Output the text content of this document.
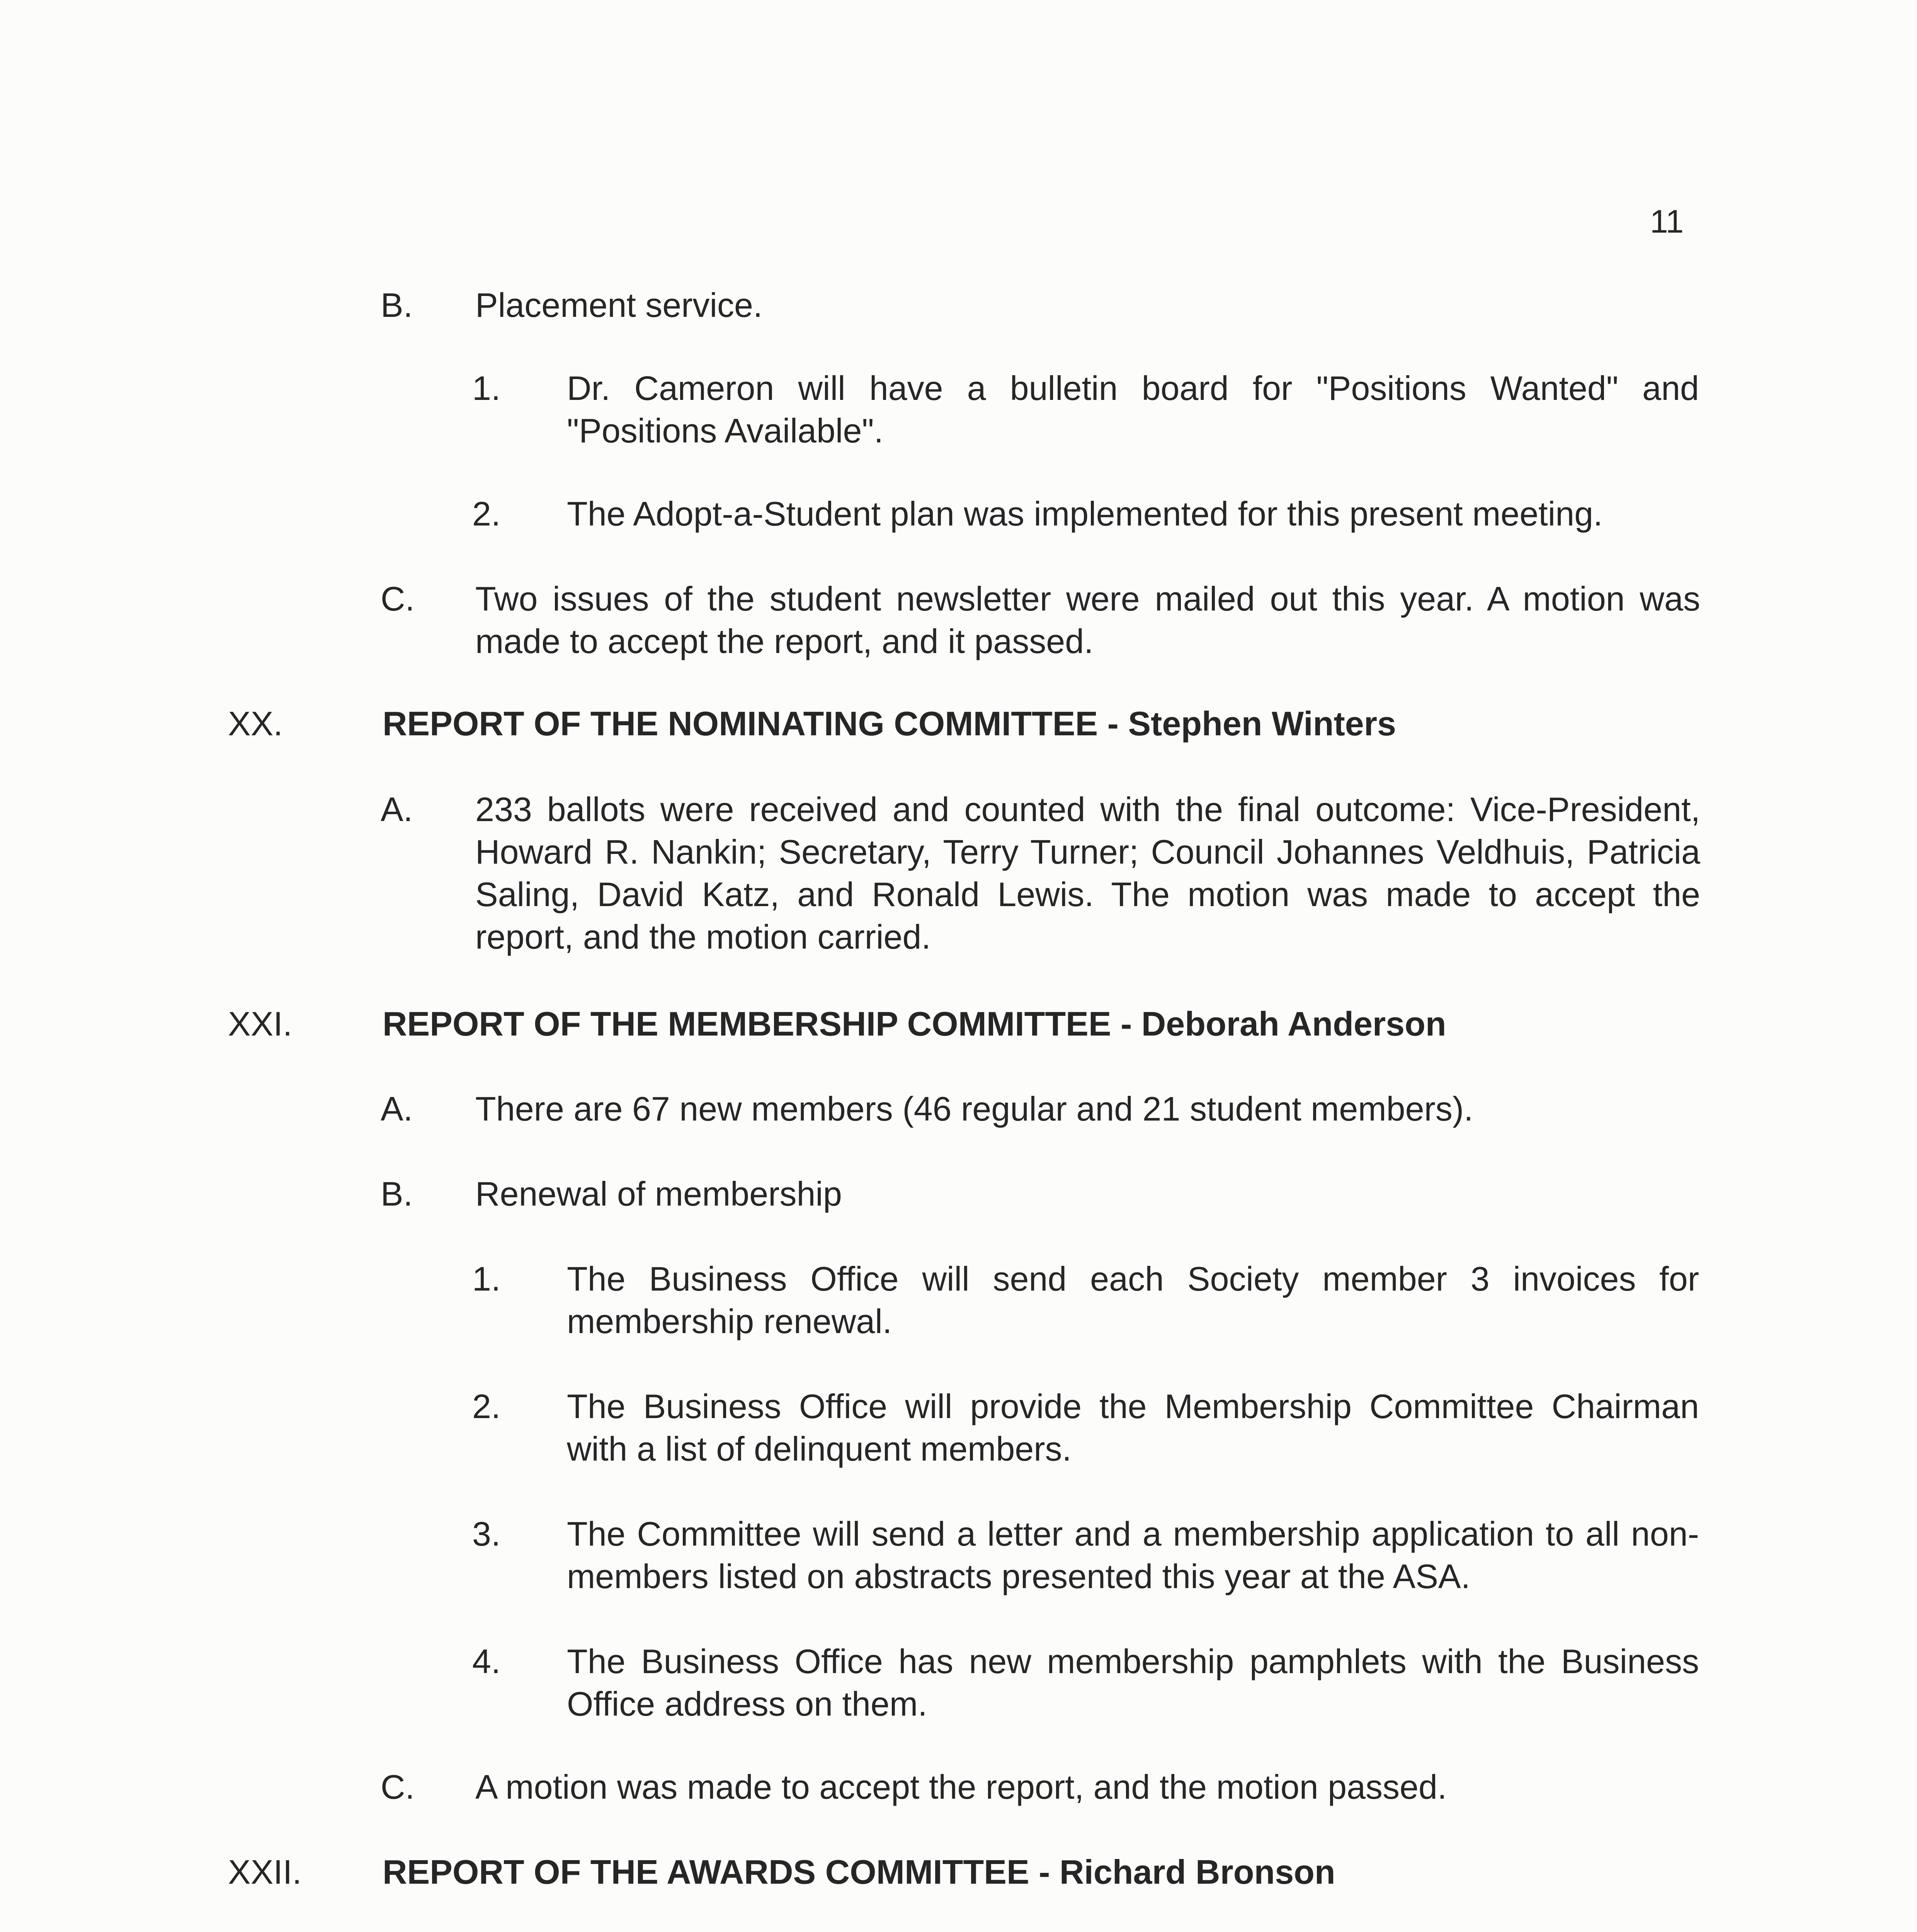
11
B.	Placement service.
1.	Dr. Cameron will have a bulletin board for "Positions Wanted" and "Positions Available".
2.	The Adopt-a-Student plan was implemented for this present meeting.
C.	Two issues of the student newsletter were mailed out this year. A motion was made to accept the report, and it passed.
XX.	REPORT OF THE NOMINATING COMMITTEE - Stephen Winters
A.	233 ballots were received and counted with the final outcome: Vice-President, Howard R. Nankin; Secretary, Terry Turner; Council Johannes Veldhuis, Patricia Saling, David Katz, and Ronald Lewis. The motion was made to accept the report, and the motion carried.
XXI.	REPORT OF THE MEMBERSHIP COMMITTEE - Deborah Anderson
A.	There are 67 new members (46 regular and 21 student members).
B.	Renewal of membership
1.	The Business Office will send each Society member 3 invoices for membership renewal.
2.	The Business Office will provide the Membership Committee Chairman with a list of delinquent members.
3.	The Committee will send a letter and a membership application to all non-members listed on abstracts presented this year at the ASA.
4.	The Business Office has new membership pamphlets with the Business Office address on them.
C.	A motion was made to accept the report, and the motion passed.
XXII.	REPORT OF THE AWARDS COMMITTEE - Richard Bronson
